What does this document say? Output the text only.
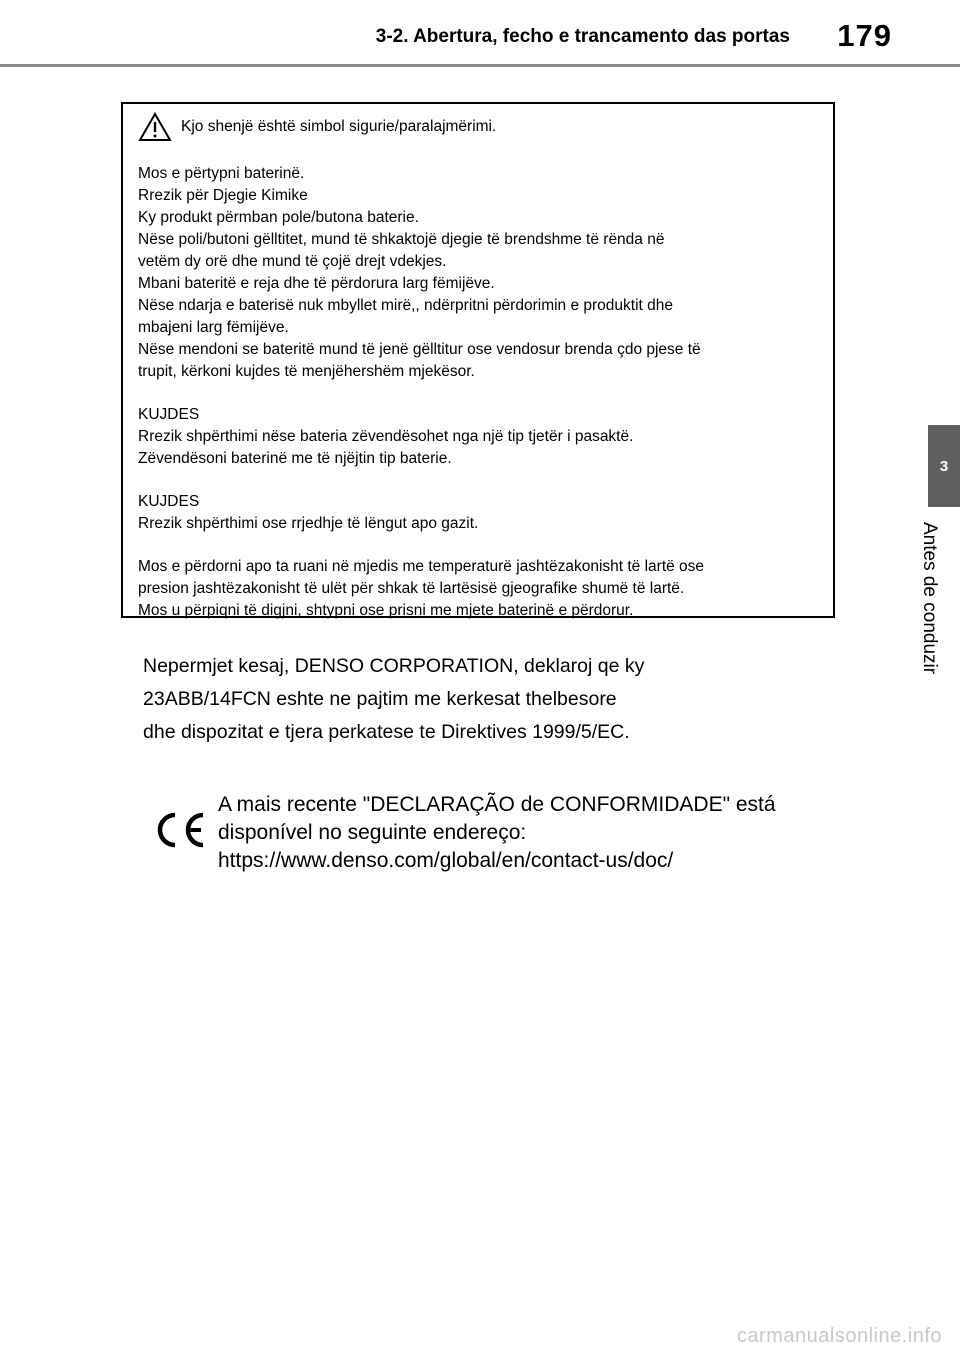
3-2. Abertura, fecho e trancamento das portas 179
3
Antes de conduzir
Kjo shenjë është simbol sigurie/paralajmërimi.
Mos e përtypni baterinë.
Rrezik për Djegie Kimike
Ky produkt përmban pole/butona baterie.
Nëse poli/butoni gëlltitet, mund të shkaktojë djegie të brendshme të rënda në
vetëm dy orë dhe mund të çojë drejt vdekjes.
Mbani bateritë e reja dhe të përdorura larg fëmijëve.
Nëse ndarja e baterisë nuk mbyllet mirë,, ndërpritni përdorimin e produktit dhe
mbajeni larg fëmijëve.
Nëse mendoni se bateritë mund të jenë gëlltitur ose vendosur brenda çdo pjese të
trupit, kërkoni kujdes të menjëhershëm mjekësor.
KUJDES
Rrezik shpërthimi nëse bateria zëvendësohet nga një tip tjetër i pasaktë.
Zëvendësoni baterinë me të njëjtin tip baterie.
KUJDES
Rrezik shpërthimi ose rrjedhje të lëngut apo gazit.
Mos e përdorni apo ta ruani në mjedis me temperaturë jashtëzakonisht të lartë ose
presion jashtëzakonisht të ulët për shkak të lartësisë gjeografike shumë të lartë.
Mos u përpiqni të digjni, shtypni ose prisni me mjete baterinë e përdorur.
Nepermjet kesaj, DENSO CORPORATION, deklaroj qe ky
23ABB/14FCN eshte ne pajtim me kerkesat thelbesore
dhe dispozitat e tjera perkatese te Direktives 1999/5/EC.
A mais recente "DECLARAÇÃO de CONFORMIDADE" está
disponível no seguinte endereço:
https://www.denso.com/global/en/contact-us/doc/
carmanualsonline.info
